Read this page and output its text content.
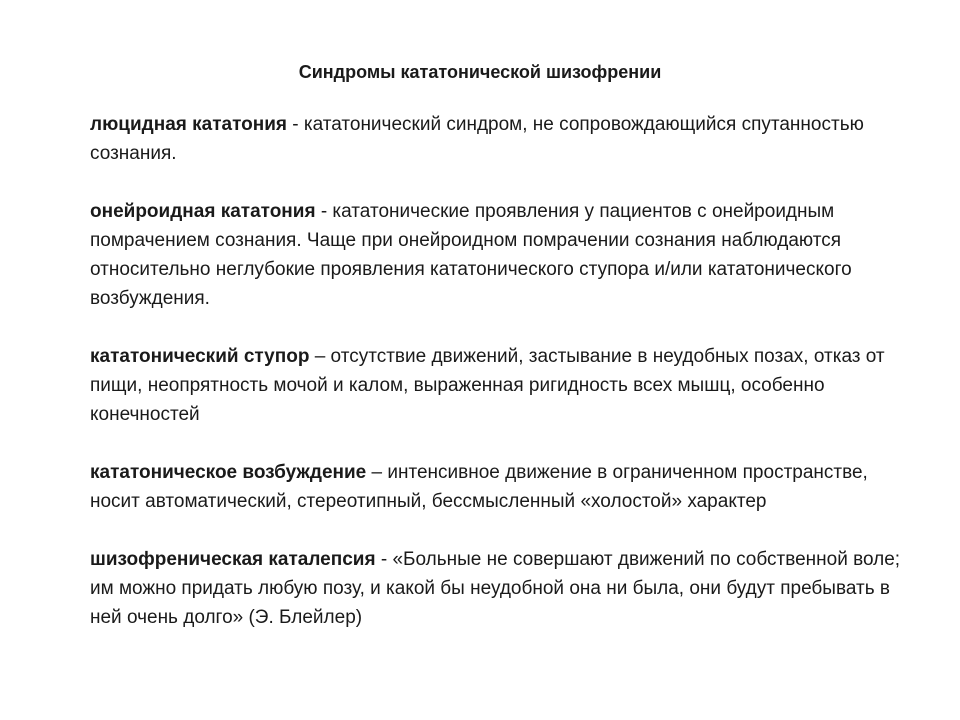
Синдромы кататонической шизофрении

люцидная кататония - кататонический синдром, не сопровождающийся спутанностью сознания.

онейроидная кататония - кататонические проявления у пациентов с онейроидным помрачением сознания. Чаще при онейроидном помрачении сознания наблюдаются относительно неглубокие проявления кататонического ступора и/или кататонического возбуждения.

кататонический ступор – отсутствие движений, застывание в неудобных позах, отказ от пищи, неопрятность мочой и калом, выраженная ригидность всех мышц, особенно конечностей

кататоническое возбуждение – интенсивное движение в ограниченном пространстве, носит автоматический, стереотипный, бессмысленный «холостой» характер

шизофреническая каталепсия - «Больные не совершают движений по собственной воле; им можно придать любую позу, и какой бы неудобной она ни была, они будут пребывать в ней очень долго» (Э. Блейлер)
